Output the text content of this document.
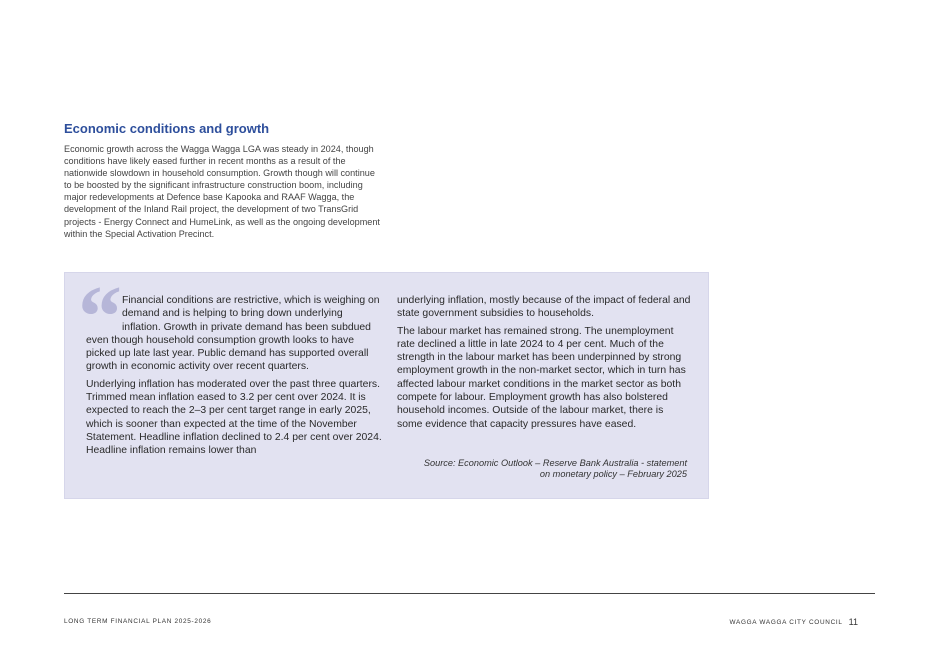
Economic conditions and growth

Economic growth across the Wagga Wagga LGA was steady in 2024, though conditions have likely eased further in recent months as a result of the nationwide slowdown in household consumption. Growth though will continue to be boosted by the significant infrastructure construction boom, including major redevelopments at Defence base Kapooka and RAAF Wagga, the development of the Inland Rail project, the development of two TransGrid projects - Energy Connect and HumeLink, as well as the ongoing development within the Special Activation Precinct.

“ Financial conditions are restrictive, which is weighing on demand and is helping to bring down underlying inflation. Growth in private demand has been subdued even though household consumption growth looks to have picked up late last year. Public demand has supported overall growth in economic activity over recent quarters.

Underlying inflation has moderated over the past three quarters. Trimmed mean inflation eased to 3.2 per cent over 2024. It is expected to reach the 2–3 per cent target range in early 2025, which is sooner than expected at the time of the November Statement. Headline inflation declined to 2.4 per cent over 2024. Headline inflation remains lower than

underlying inflation, mostly because of the impact of federal and state government subsidies to households.

The labour market has remained strong. The unemployment rate declined a little in late 2024 to 4 per cent. Much of the strength in the labour market has been underpinned by strong employment growth in the non-market sector, which in turn has affected labour market conditions in the market sector as both compete for labour. Employment growth has also bolstered household incomes. Outside of the labour market, there is some evidence that capacity pressures have eased.

Source: Economic Outlook – Reserve Bank Australia - statement
on monetary policy – February 2025
LONG TERM FINANCIAL PLAN 2025-2026	WAGGA WAGGA CITY COUNCIL 11
